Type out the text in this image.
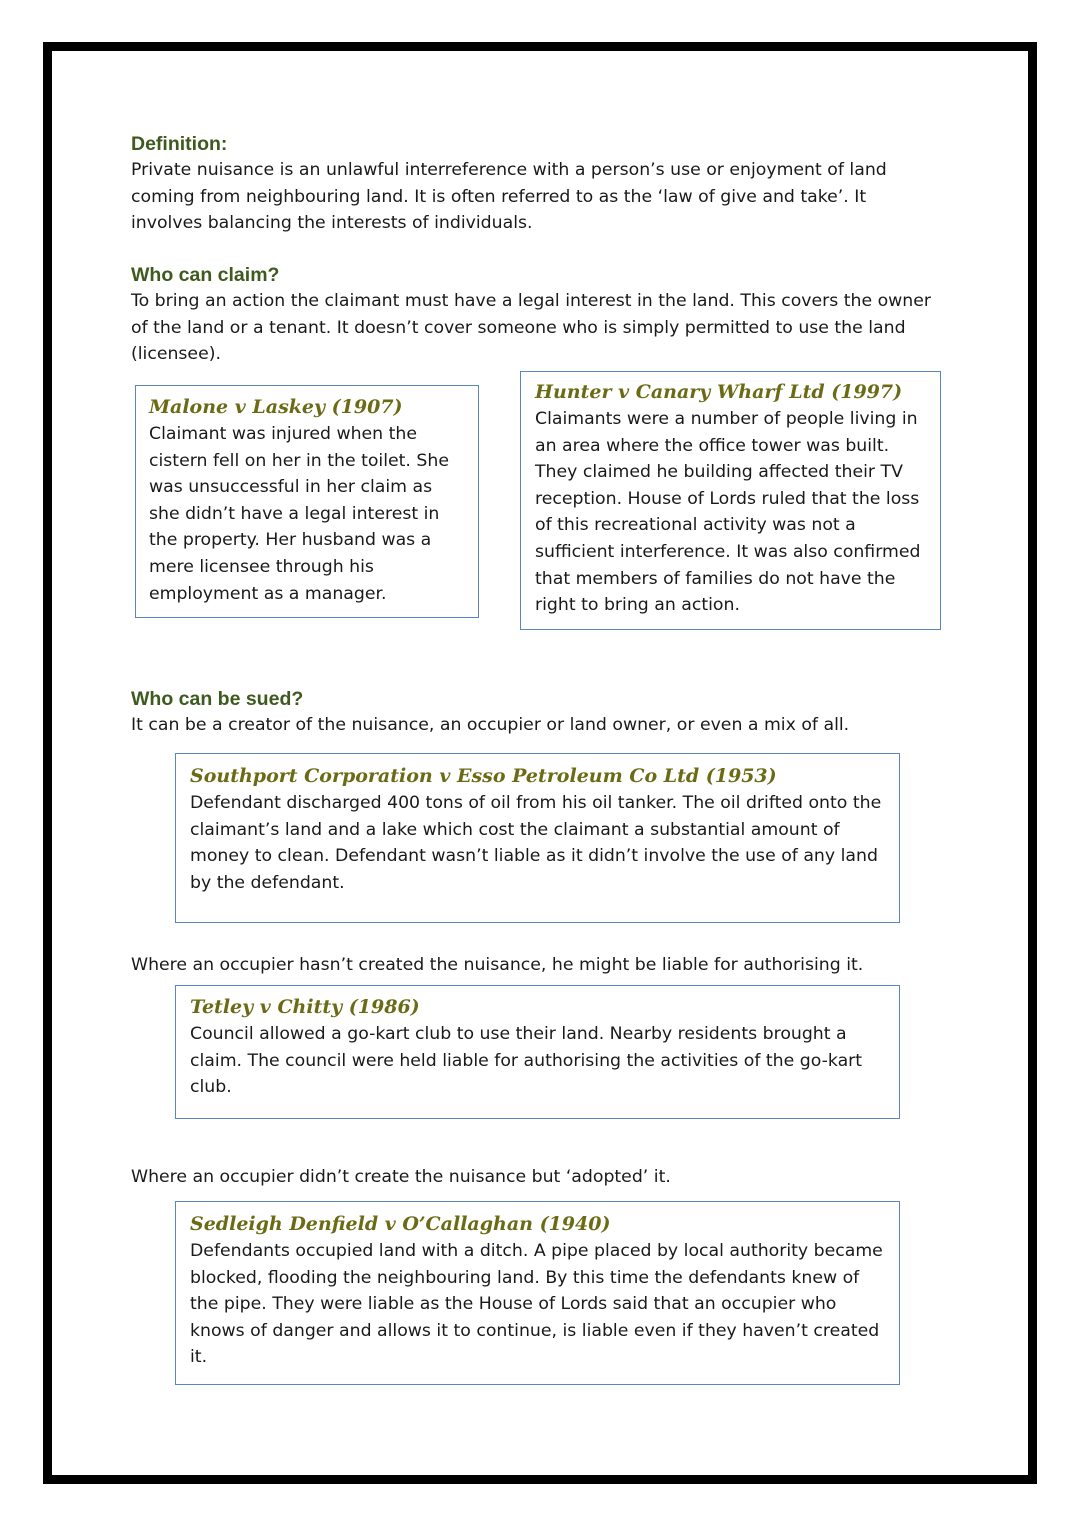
Definition:

Private nuisance is an unlawful interreference with a person’s use or enjoyment of land coming from neighbouring land. It is often referred to as the ‘law of give and take’. It involves balancing the interests of individuals.

Who can claim?

To bring an action the claimant must have a legal interest in the land. This covers the owner of the land or a tenant. It doesn’t cover someone who is simply permitted to use the land (licensee).

Malone v Laskey (1907)

Claimant was injured when the cistern fell on her in the toilet. She was unsuccessful in her claim as she didn’t have a legal interest in the property. Her husband was a mere licensee through his employment as a manager.

Hunter v Canary Wharf Ltd (1997)

Claimants were a number of people living in an area where the office tower was built. They claimed he building affected their TV reception. House of Lords ruled that the loss of this recreational activity was not a sufficient interference. It was also confirmed that members of families do not have the right to bring an action.

Who can be sued?

It can be a creator of the nuisance, an occupier or land owner, or even a mix of all.

Southport Corporation v Esso Petroleum Co Ltd (1953)

Defendant discharged 400 tons of oil from his oil tanker. The oil drifted onto the claimant’s land and a lake which cost the claimant a substantial amount of money to clean. Defendant wasn’t liable as it didn’t involve the use of any land by the defendant.

Where an occupier hasn’t created the nuisance, he might be liable for authorising it.

Tetley v Chitty (1986)

Council allowed a go-kart club to use their land. Nearby residents brought a claim. The council were held liable for authorising the activities of the go-kart club.

Where an occupier didn’t create the nuisance but ‘adopted’ it.

Sedleigh Denfield v O’Callaghan (1940)

Defendants occupied land with a ditch. A pipe placed by local authority became blocked, flooding the neighbouring land. By this time the defendants knew of the pipe. They were liable as the House of Lords said that an occupier who knows of danger and allows it to continue, is liable even if they haven’t created it.
